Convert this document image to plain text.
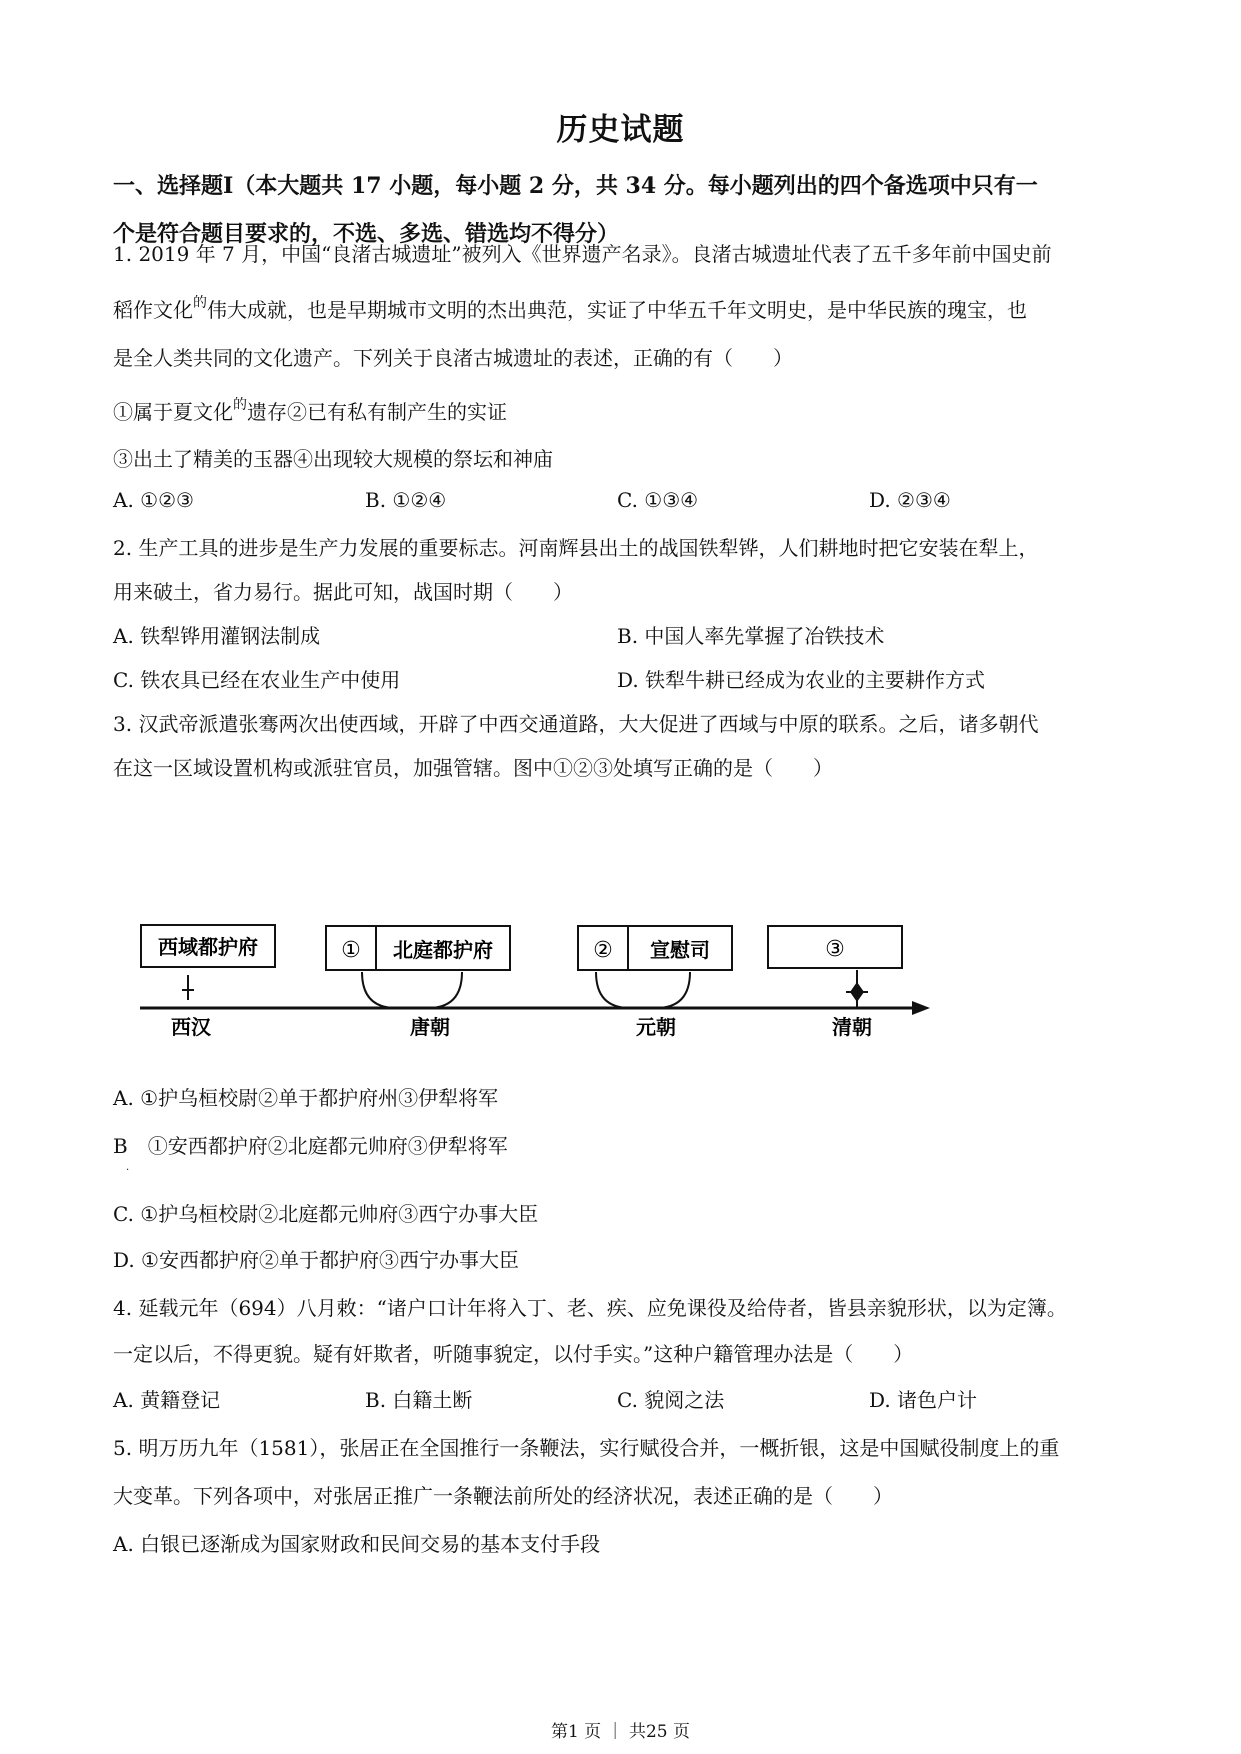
历史试题
一、选择题Ⅰ（本大题共 17 小题，每小题 2 分，共 34 分。每小题列出的四个备选项中只有一
个是符合题目要求的，不选、多选、错选均不得分）
1. 2019 年 7 月，中国“良渚古城遗址”被列入《世界遗产名录》。良渚古城遗址代表了五千多年前中国史前
稻作文化$^的$伟大成就，也是早期城市文明的杰出典范，实证了中华五千年文明史，是中华民族的瑰宝，也
是全人类共同的文化遗产。下列关于良渚古城遗址的表述，正确的有（　　）
①属于夏文化$^的$遗存②已有私有制产生的实证
③出土了精美的玉器④出现较大规模的祭坛和神庙
A. ①②③	B. ①②④	C. ①③④	D. ②③④
2. 生产工具的进步是生产力发展的重要标志。河南辉县出土的战国铁犁铧，人们耕地时把它安装在犁上，
用来破土，省力易行。据此可知，战国时期（　　）
A. 铁犁铧用灌钢法制成	B. 中国人率先掌握了冶铁技术
C. 铁农具已经在农业生产中使用	D. 铁犁牛耕已经成为农业的主要耕作方式
3. 汉武帝派遣张骞两次出使西域，开辟了中西交通道路，大大促进了西域与中原的联系。之后，诸多朝代
在这一区域设置机构或派驻官员，加强管辖。图中①②③处填写正确的是（　　）
西域都护府	① 北庭都护府	② 宣慰司	③
西汉	唐朝	元朝	清朝
A. ①护乌桓校尉②单于都护府州③伊犁将军
B　①安西都护府②北庭都元帅府③伊犁将军
.
C. ①护乌桓校尉②北庭都元帅府③西宁办事大臣
D. ①安西都护府②单于都护府③西宁办事大臣
4. 延载元年（694）八月敕：“诸户口计年将入丁、老、疾、应免课役及给侍者，皆县亲貌形状，以为定簿。
一定以后，不得更貌。疑有奸欺者，听随事貌定，以付手实。”这种户籍管理办法是（　　）
A. 黄籍登记	B. 白籍土断	C. 貌阅之法	D. 诸色户计
5. 明万历九年（1581），张居正在全国推行一条鞭法，实行赋役合并，一概折银，这是中国赋役制度上的重
大变革。下列各项中，对张居正推广一条鞭法前所处的经济状况，表述正确的是（　　）
A. 白银已逐渐成为国家财政和民间交易的基本支付手段
第1 页 ｜ 共25 页
